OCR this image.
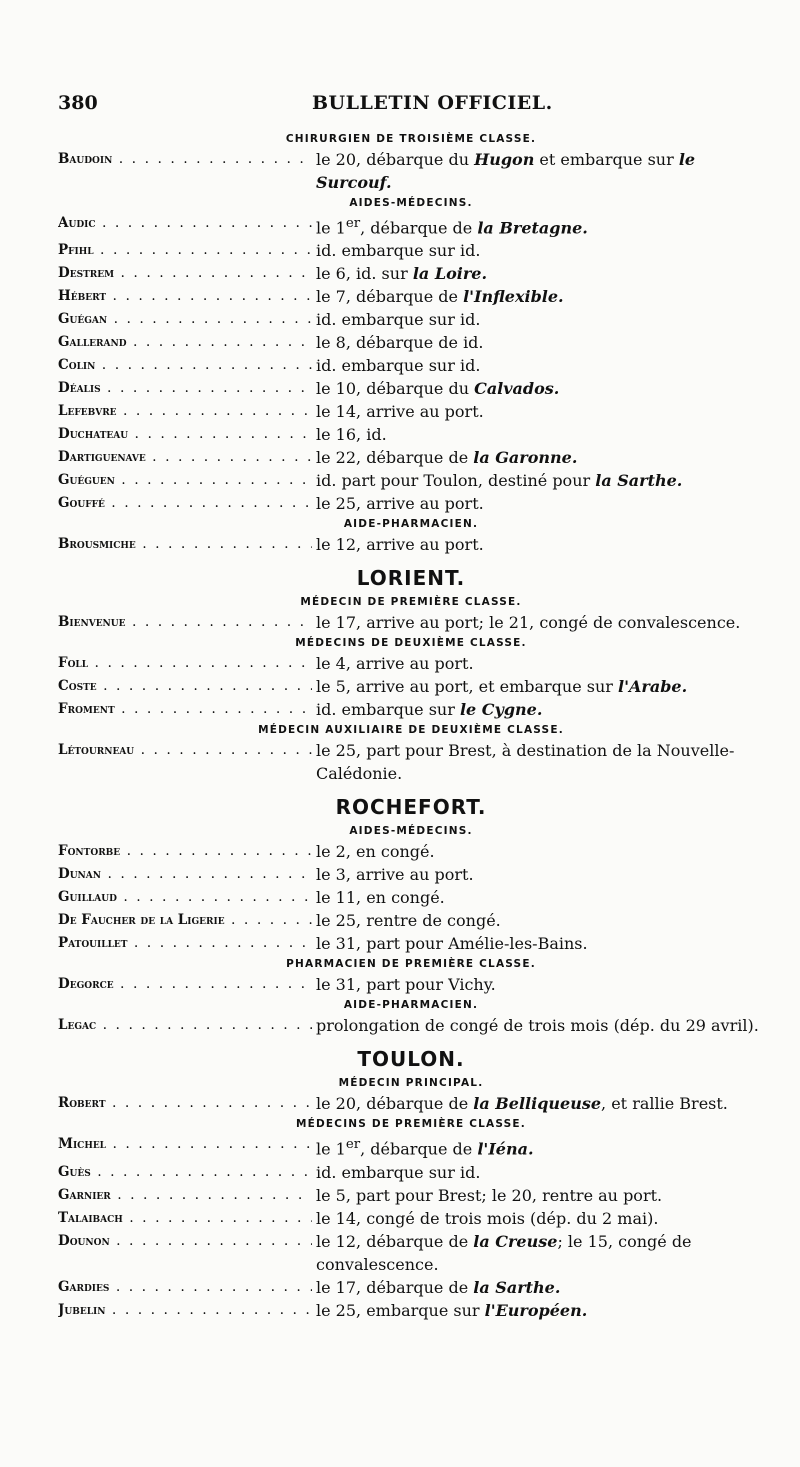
380	BULLETIN OFFICIEL.
CHIRURGIEN DE TROISIÈME CLASSE.
Baudoin . . .	le 20, débarque du Hugon et embarque sur le Surcouf.
AIDES-MÉDECINS.
Audic . . .	le 1er, débarque de la Bretagne.
Pfihl . . .	id. embarque sur id.
Destrem . . .	le 6, id. sur la Loire.
Hébert . . .	le 7, débarque de l'Inflexible.
Guégan . . .	id. embarque sur id.
Gallerand . . .	le 8, débarque de id.
Colin . . .	id. embarque sur id.
Déalis . . .	le 10, débarque du Calvados.
Lefebvre . . .	le 14, arrive au port.
Duchateau . . .	le 16, id.
Dartiguenave . . .	le 22, débarque de la Garonne.
Guéguen . . .	id. part pour Toulon, destiné pour la Sarthe.
Gouffé . . .	le 25, arrive au port.
AIDE-PHARMACIEN.
Brousmiche . . .	le 12, arrive au port.
LORIENT.
MÉDECIN DE PREMIÈRE CLASSE.
Bienvenue . . .	le 17, arrive au port; le 21, congé de convalescence.
MÉDECINS DE DEUXIÈME CLASSE.
Foll . . .	le 4, arrive au port.
Coste . . .	le 5, arrive au port, et embarque sur l'Arabe.
Froment . . .	id. embarque sur le Cygne.
MÉDECIN AUXILIAIRE DE DEUXIÈME CLASSE.
Létourneau . . .	le 25, part pour Brest, à destination de la Nouvelle-Calédonie.
ROCHEFORT.
AIDES-MÉDECINS.
Fontorbe . . .	le 2, en congé.
Dunan . . .	le 3, arrive au port.
Guillaud . . .	le 11, en congé.
De Faucher de la Ligerie . . .	le 25, rentre de congé.
Patouillet . . .	le 31, part pour Amélie-les-Bains.
PHARMACIEN DE PREMIÈRE CLASSE.
Degorce . . .	le 31, part pour Vichy.
AIDE-PHARMACIEN.
Legac . . .	prolongation de congé de trois mois (dép. du 29 avril).
TOULON.
MÉDECIN PRINCIPAL.
Robert . . .	le 20, débarque de la Belliqueuse, et rallie Brest.
MÉDECINS DE PREMIÈRE CLASSE.
Michel . . .	le 1er, débarque de l'Iéna.
Guès . . .	id. embarque sur id.
Garnier . . .	le 5, part pour Brest; le 20, rentre au port.
Talaibach . . .	le 14, congé de trois mois (dép. du 2 mai).
Dounon . . .	le 12, débarque de la Creuse; le 15, congé de convalescence.
Gardies . . .	le 17, débarque de la Sarthe.
Jubelin . . .	le 25, embarque sur l'Européen.
